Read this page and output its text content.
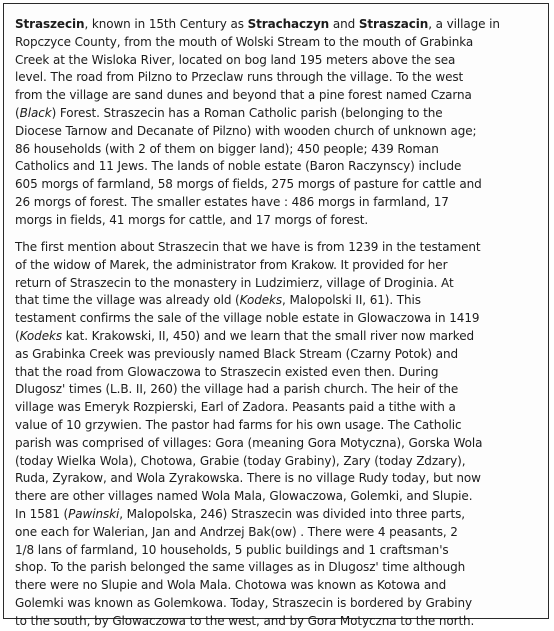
Straszecin, known in 15th Century as Strachaczyn and Straszacin, a village in
Ropczyce County, from the mouth of Wolski Stream to the mouth of Grabinka
Creek at the Wisloka River, located on bog land 195 meters above the sea
level. The road from Pilzno to Przeclaw runs through the village. To the west
from the village are sand dunes and beyond that a pine forest named Czarna
(Black) Forest. Straszecin has a Roman Catholic parish (belonging to the
Diocese Tarnow and Decanate of Pilzno) with wooden church of unknown age;
86 households (with 2 of them on bigger land); 450 people; 439 Roman
Catholics and 11 Jews. The lands of noble estate (Baron Raczynscy) include
605 morgs of farmland, 58 morgs of fields, 275 morgs of pasture for cattle and
26 morgs of forest. The smaller estates have : 486 morgs in farmland, 17
morgs in fields, 41 morgs for cattle, and 17 morgs of forest.
The first mention about Straszecin that we have is from 1239 in the testament
of the widow of Marek, the administrator from Krakow. It provided for her
return of Straszecin to the monastery in Ludzimierz, village of Droginia. At
that time the village was already old (Kodeks, Malopolski II, 61). This
testament confirms the sale of the village noble estate in Glowaczowa in 1419
(Kodeks kat. Krakowski, II, 450) and we learn that the small river now marked
as Grabinka Creek was previously named Black Stream (Czarny Potok) and
that the road from Glowaczowa to Straszecin existed even then. During
Dlugosz' times (L.B. II, 260) the village had a parish church. The heir of the
village was Emeryk Rozpierski, Earl of Zadora. Peasants paid a tithe with a
value of 10 grzywien. The pastor had farms for his own usage. The Catholic
parish was comprised of villages: Gora (meaning Gora Motyczna), Gorska Wola
(today Wielka Wola), Chotowa, Grabie (today Grabiny), Zary (today Zdzary),
Ruda, Zyrakow, and Wola Zyrakowska. There is no village Rudy today, but now
there are other villages named Wola Mala, Glowaczowa, Golemki, and Slupie.
In 1581 (Pawinski, Malopolska, 246) Straszecin was divided into three parts,
one each for Walerian, Jan and Andrzej Bak(ow) . There were 4 peasants, 2
1/8 lans of farmland, 10 households, 5 public buildings and 1 craftsman's
shop. To the parish belonged the same villages as in Dlugosz' time although
there were no Slupie and Wola Mala. Chotowa was known as Kotowa and
Golemki was known as Golemkowa. Today, Straszecin is bordered by Grabiny
to the south, by Glowaczowa to the west, and by Gora Motyczna to the north.
